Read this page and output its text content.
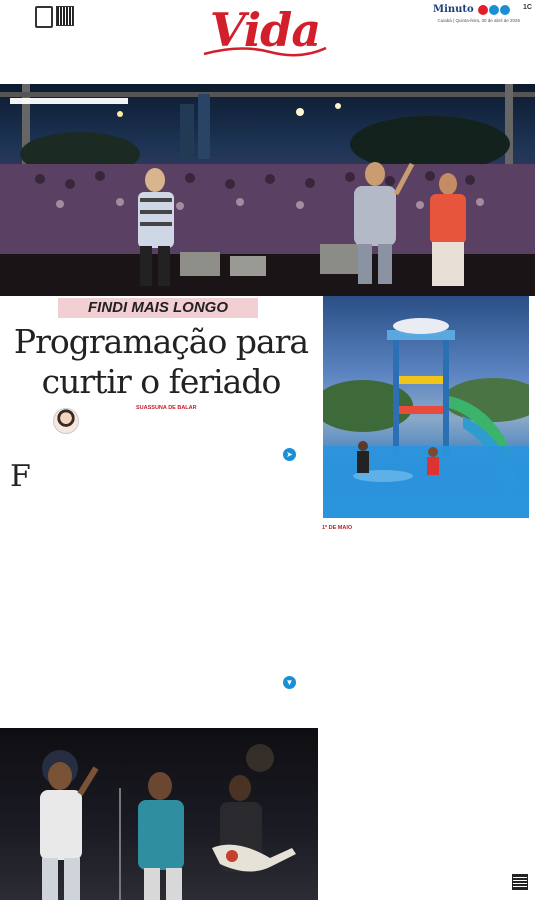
Vida	Minuto
Cuiabá | Quinta-feira, 30 de abril de 2026
1C
FINDI MAIS LONGO
Programação para
curtir o feriado
F
SUASSUNA DE BALAR
1º DE MAIO
➤
▼
